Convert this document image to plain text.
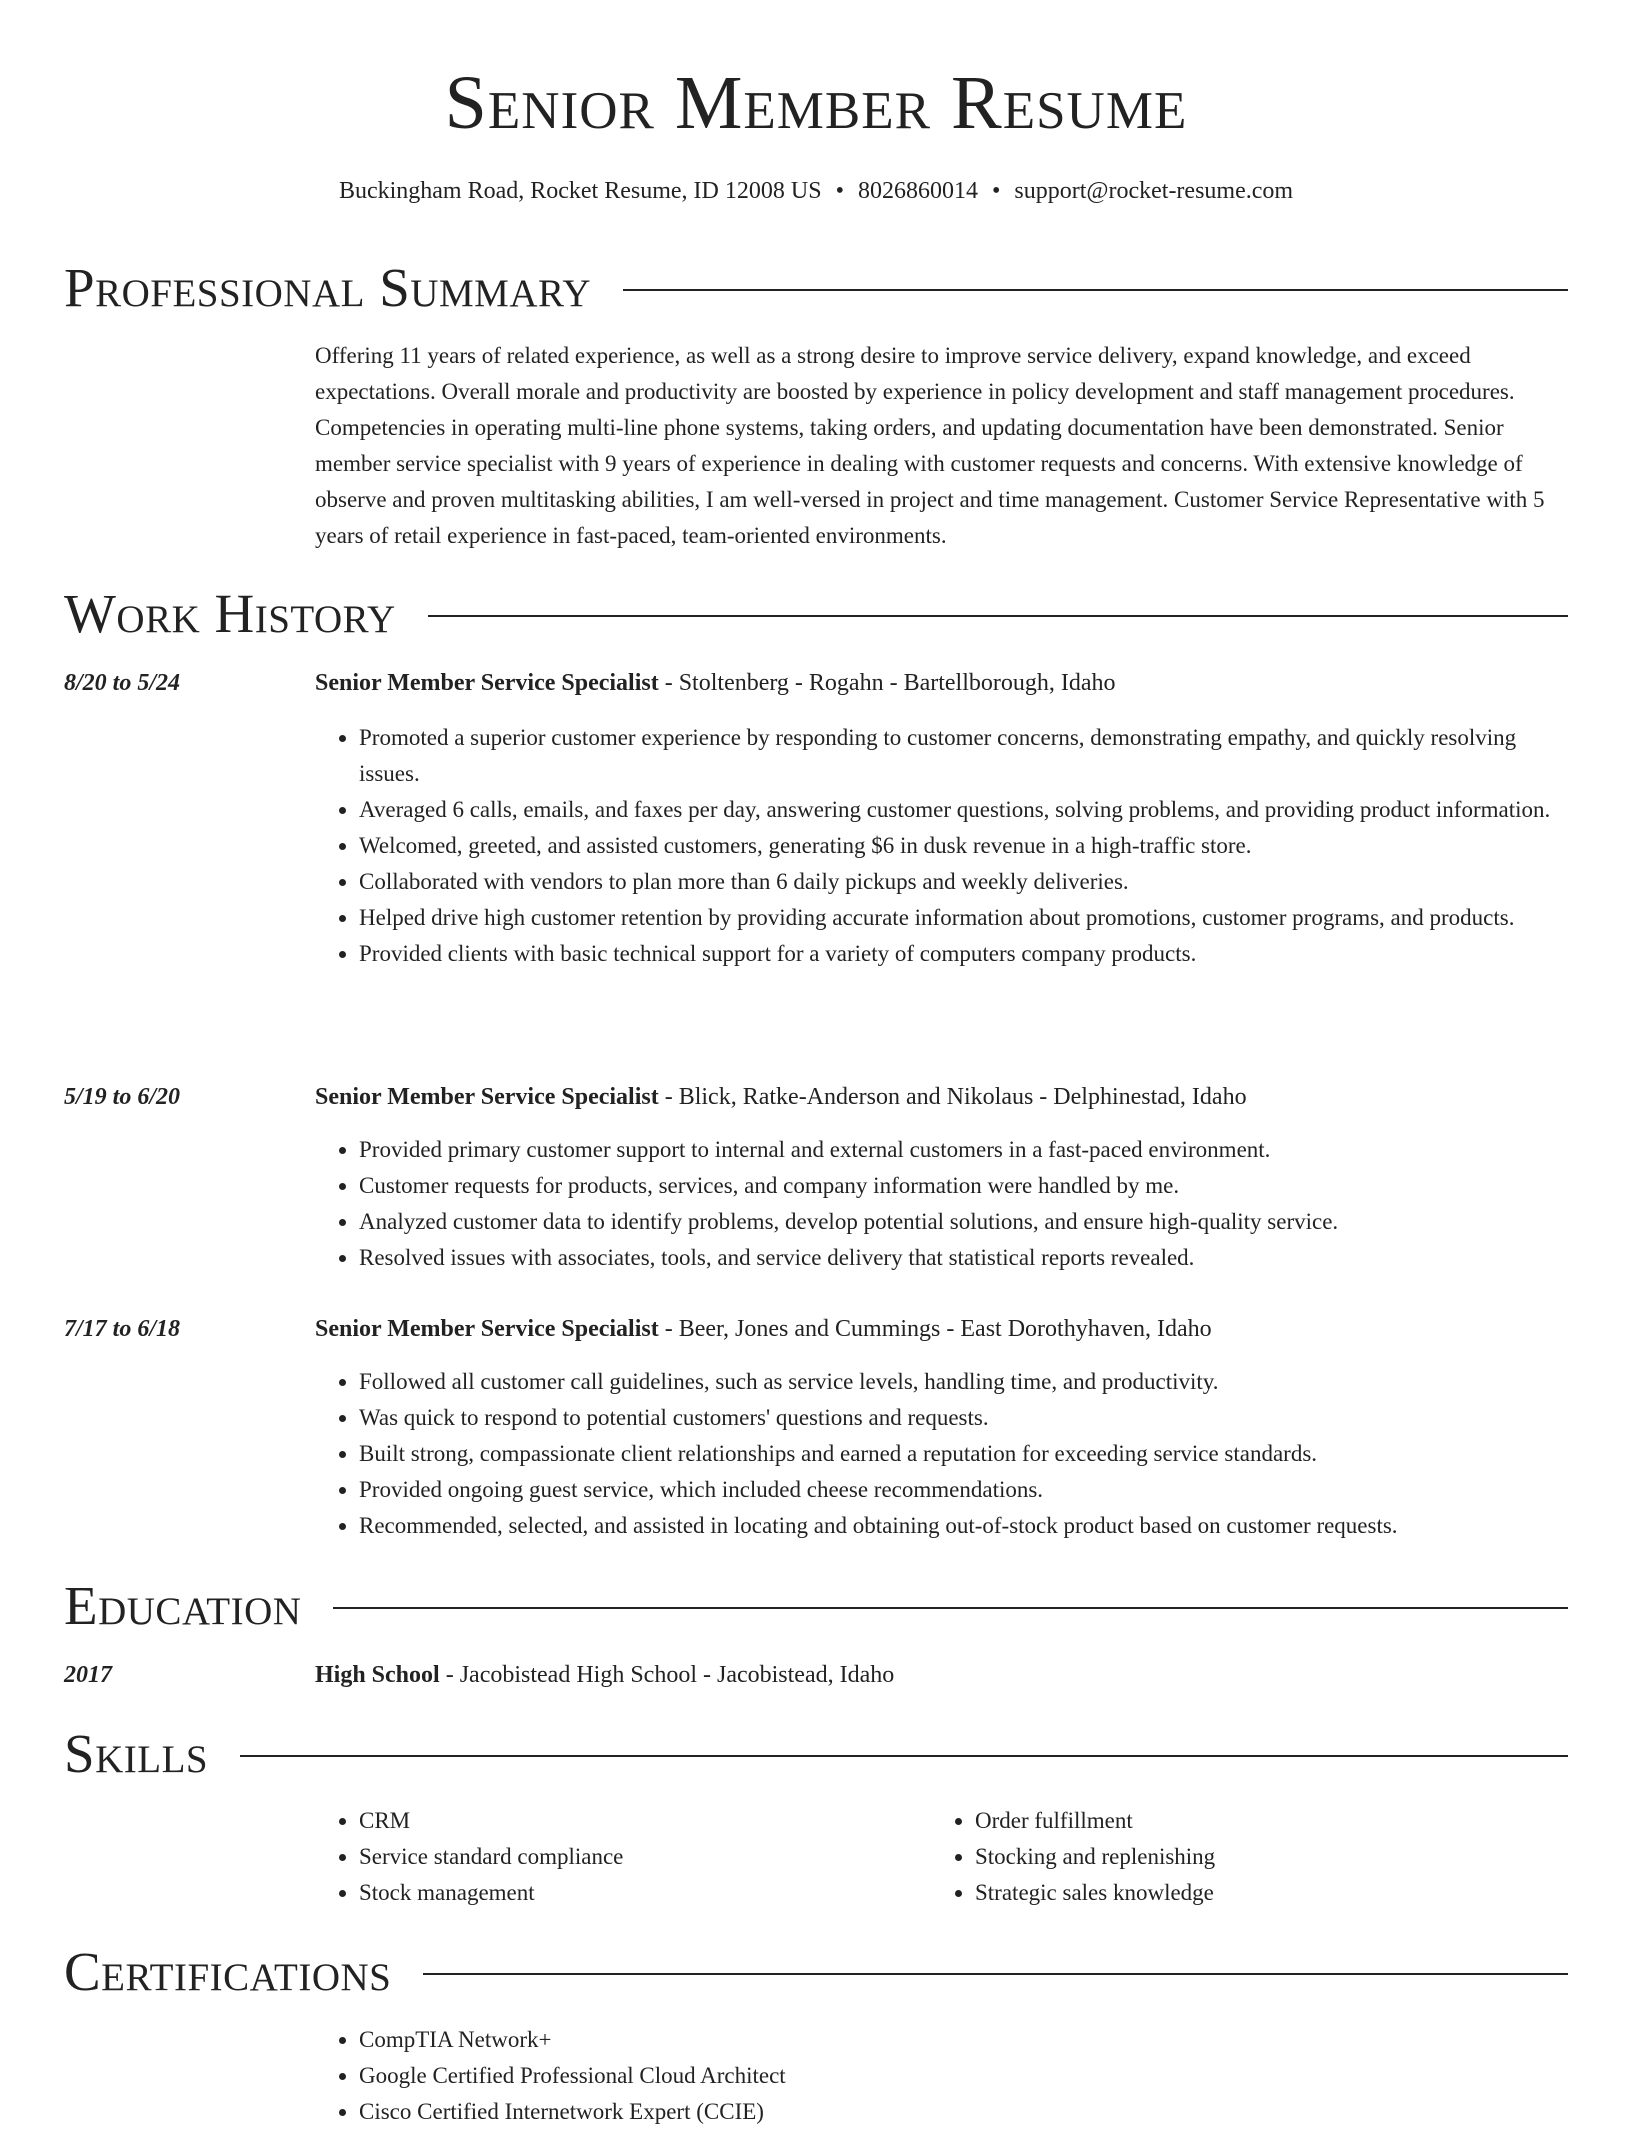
Senior Member Resume
Buckingham Road, Rocket Resume, ID 12008 US • 8026860014 • support@rocket-resume.com
Professional Summary

Offering 11 years of related experience, as well as a strong desire to improve service delivery, expand knowledge, and exceed expectations. Overall morale and productivity are boosted by experience in policy development and staff management procedures. Competencies in operating multi-line phone systems, taking orders, and updating documentation have been demonstrated. Senior member service specialist with 9 years of experience in dealing with customer requests and concerns. With extensive knowledge of observe and proven multitasking abilities, I am well-versed in project and time management. Customer Service Representative with 5 years of retail experience in fast-paced, team-oriented environments.

Work History
8/20 to 5/24	Senior Member Service Specialist - Stoltenberg - Rogahn - Bartellborough, Idaho
• Promoted a superior customer experience by responding to customer concerns, demonstrating empathy, and quickly resolving issues.
• Averaged 6 calls, emails, and faxes per day, answering customer questions, solving problems, and providing product information.
• Welcomed, greeted, and assisted customers, generating $6 in dusk revenue in a high-traffic store.
• Collaborated with vendors to plan more than 6 daily pickups and weekly deliveries.
• Helped drive high customer retention by providing accurate information about promotions, customer programs, and products.
• Provided clients with basic technical support for a variety of computers company products.
5/19 to 6/20	Senior Member Service Specialist - Blick, Ratke-Anderson and Nikolaus - Delphinestad, Idaho
• Provided primary customer support to internal and external customers in a fast-paced environment.
• Customer requests for products, services, and company information were handled by me.
• Analyzed customer data to identify problems, develop potential solutions, and ensure high-quality service.
• Resolved issues with associates, tools, and service delivery that statistical reports revealed.
7/17 to 6/18	Senior Member Service Specialist - Beer, Jones and Cummings - East Dorothyhaven, Idaho
• Followed all customer call guidelines, such as service levels, handling time, and productivity.
• Was quick to respond to potential customers' questions and requests.
• Built strong, compassionate client relationships and earned a reputation for exceeding service standards.
• Provided ongoing guest service, which included cheese recommendations.
• Recommended, selected, and assisted in locating and obtaining out-of-stock product based on customer requests.
Education
2017	High School - Jacobistead High School - Jacobistead, Idaho
Skills
• CRM
• Service standard compliance
• Stock management
• Order fulfillment
• Stocking and replenishing
• Strategic sales knowledge
Certifications
• CompTIA Network+
• Google Certified Professional Cloud Architect
• Cisco Certified Internetwork Expert (CCIE)
